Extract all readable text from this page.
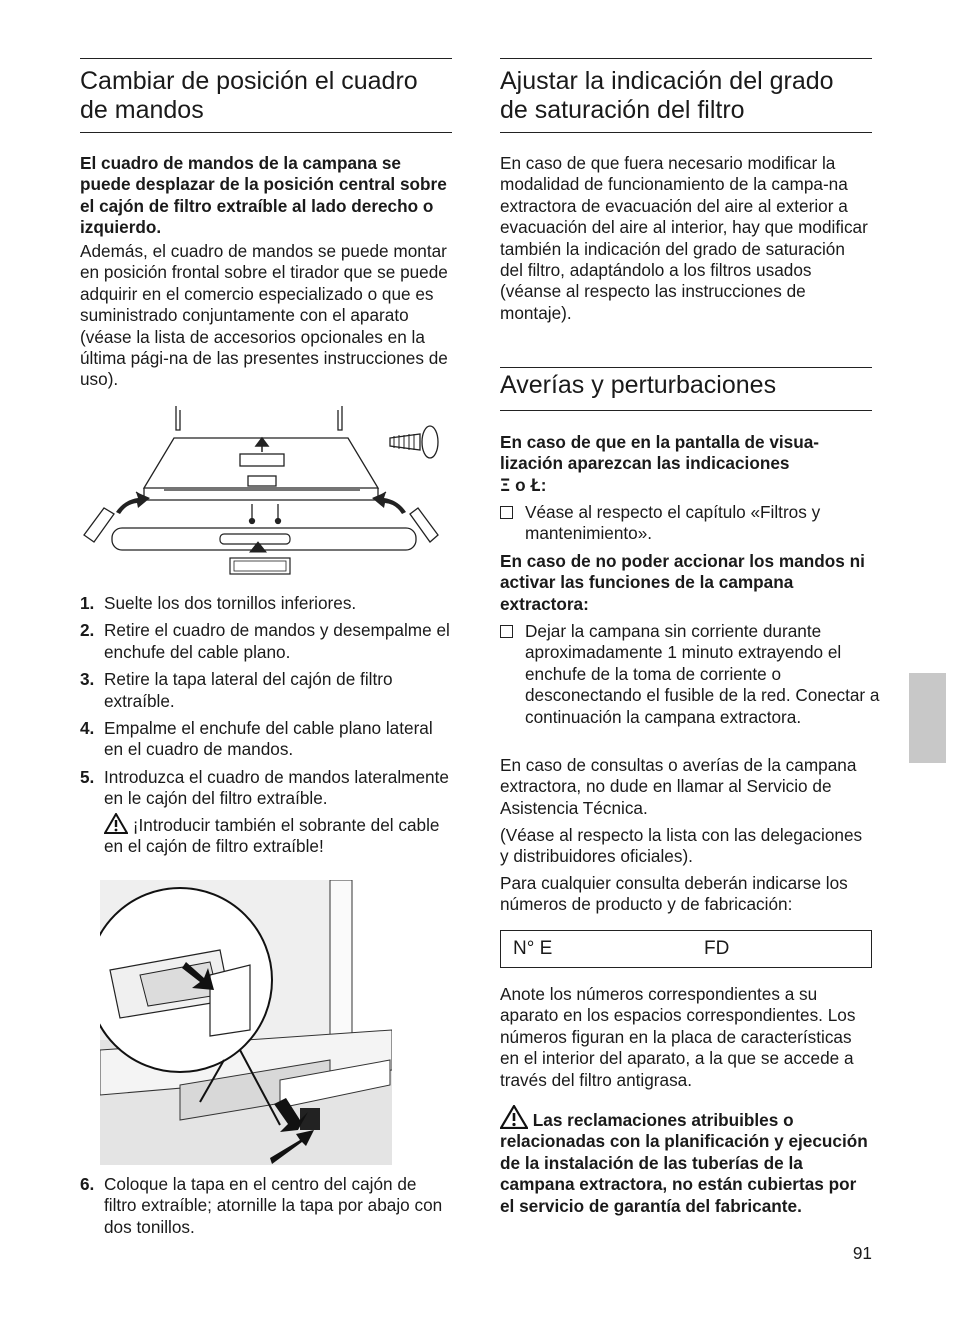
Cambiar de posición el cuadro
de mandos

El cuadro de mandos de la campana se puede desplazar de la posición central sobre el cajón de filtro extraíble al lado derecho o izquierdo.

Además, el cuadro de mandos se puede montar en posición frontal sobre el tirador que se puede adquirir en el comercio especializado o que es suministrado conjuntamente con el aparato (véase la lista de accesorios opcionales en la última pági-na de las presentes instrucciones de uso).

1. Suelte los dos tornillos inferiores.
2. Retire el cuadro de mandos y desempalme el enchufe del cable plano.
3. Retire la tapa lateral del cajón de filtro extraíble.
4. Empalme el enchufe del cable plano lateral en el cuadro de mandos.
5. Introduzca el cuadro de mandos lateralmente en le cajón del filtro extraíble.
¡Introducir también el sobrante del cable en el cajón de filtro extraíble!
6. Coloque la tapa en el centro del cajón de filtro extraíble; atornille la tapa por abajo con dos tonillos.
Ajustar la indicación del grado
de saturación del filtro

En caso de que fuera necesario modificar la modalidad de funcionamiento de la campa-na extractora de evacuación del aire al exterior a evacuación del aire al interior, hay que modificar también la indicación del grado de saturación del filtro, adaptándolo a los filtros usados (véanse al respecto las instrucciones de montaje).

Averías y perturbaciones

En caso de que en la pantalla de visua-lización aparezcan las indicaciones
Ξ o Ł:

Véase al respecto el capítulo «Filtros y mantenimiento».

En caso de no poder accionar los mandos ni activar las funciones de la campana extractora:

Dejar la campana sin corriente durante aproximadamente 1 minuto extrayendo el enchufe de la toma de corriente o desconectando el fusible de la red. Conectar a continuación la campana extractora.

En caso de consultas o averías de la campana extractora, no dude en llamar al Servicio de Asistencia Técnica.

(Véase al respecto la lista con las delegaciones y distribuidores oficiales).

Para cualquier consulta deberán indicarse los números de producto y de fabricación:

N° E	FD

Anote los números correspondientes a su aparato en los espacios correspondientes. Los números figuran en la placa de características en el interior del aparato, a la que se accede a través del filtro antigrasa.

Las reclamaciones atribuibles o relacionadas con la planificación y ejecución de la instalación de las tuberías de la campana extractora, no están cubiertas por el servicio de garantía del fabricante.

91
